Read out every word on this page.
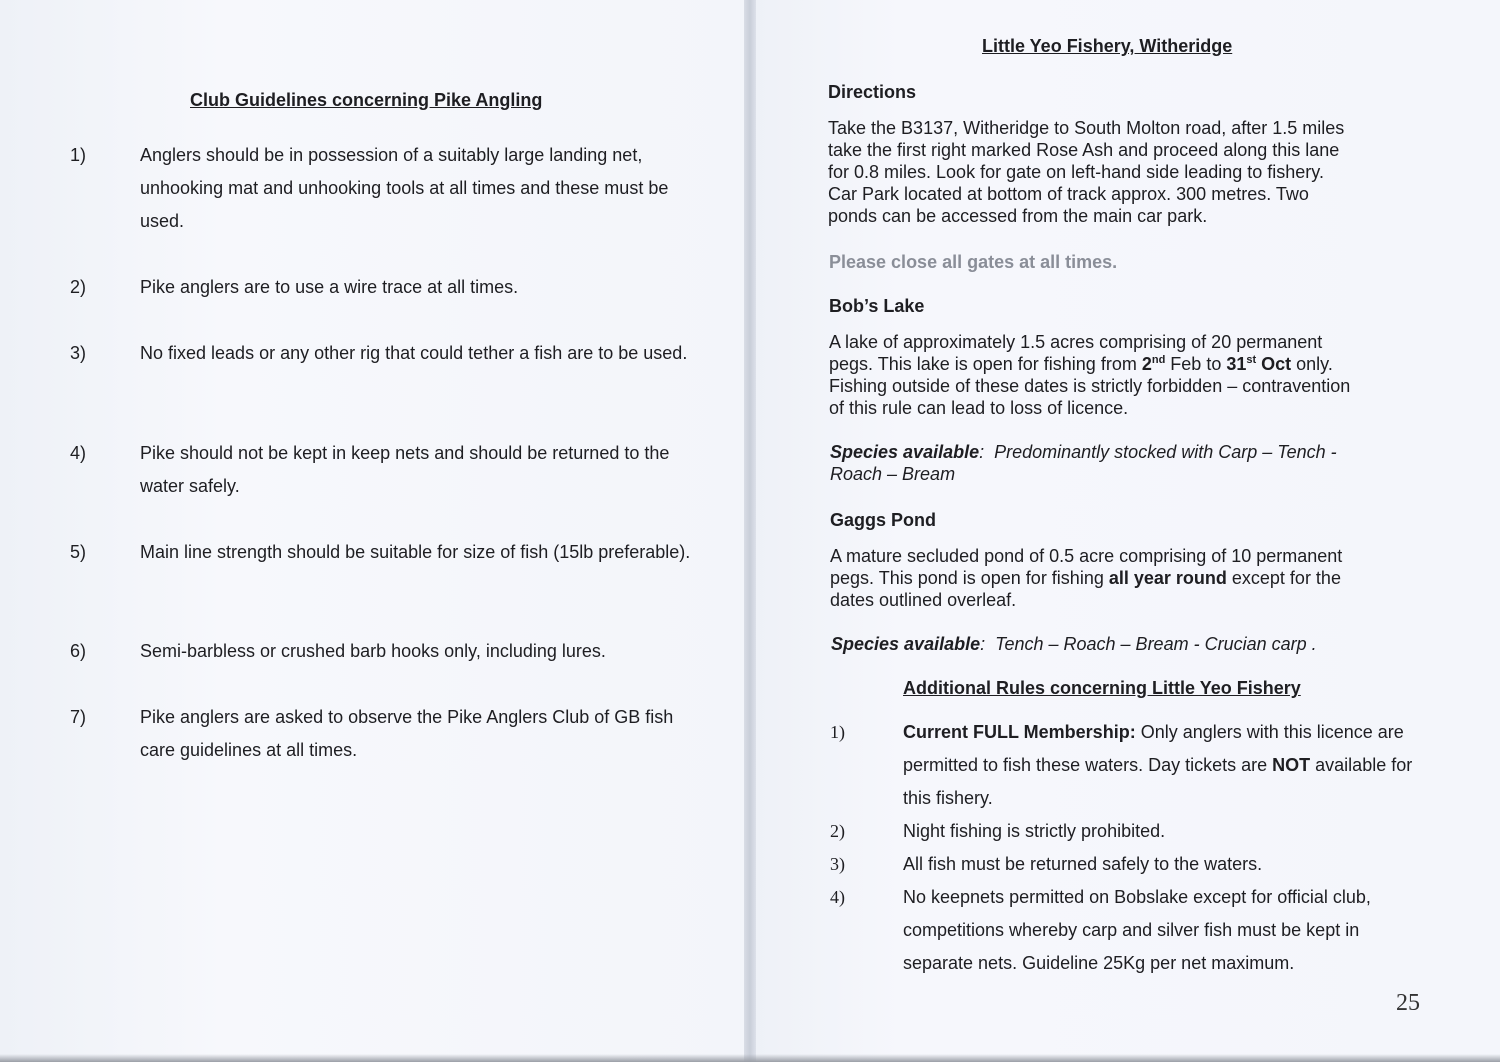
Club Guidelines concerning Pike Angling
1)	Anglers should be in possession of a suitably large landing net, unhooking mat and unhooking tools at all times and these must be used.
2)	Pike anglers are to use a wire trace at all times.
3)	No fixed leads or any other rig that could tether a fish are to be used.
4)	Pike should not be kept in keep nets and should be returned to the water safely.
5)	Main line strength should be suitable for size of fish (15lb preferable).
6)	Semi-barbless or crushed barb hooks only, including lures.
7)	Pike anglers are asked to observe the Pike Anglers Club of GB fish care guidelines at all times.
Little Yeo Fishery, Witheridge
Directions
Take the B3137, Witheridge to South Molton road, after 1.5 miles
take the first right marked Rose Ash and proceed along this lane
for 0.8 miles. Look for gate on left-hand side leading to fishery.
Car Park located at bottom of track approx. 300 metres. Two
ponds can be accessed from the main car park.
Please close all gates at all times.
Bob’s Lake
A lake of approximately 1.5 acres comprising of 20 permanent
pegs. This lake is open for fishing from 2nd Feb to 31st Oct only.
Fishing outside of these dates is strictly forbidden – contravention
of this rule can lead to loss of licence.
Species available:  Predominantly stocked with Carp – Tench -
Roach – Bream
Gaggs Pond
A mature secluded pond of 0.5 acre comprising of 10 permanent
pegs. This pond is open for fishing all year round except for the
dates outlined overleaf.
Species available:  Tench – Roach – Bream - Crucian carp .
Additional Rules concerning Little Yeo Fishery
1)	Current FULL Membership: Only anglers with this licence are permitted to fish these waters. Day tickets are NOT available for this fishery.
2)	Night fishing is strictly prohibited.
3)	All fish must be returned safely to the waters.
4)	No keepnets permitted on Bobslake except for official club, competitions whereby carp and silver fish must be kept in separate nets. Guideline 25Kg per net maximum.
25
